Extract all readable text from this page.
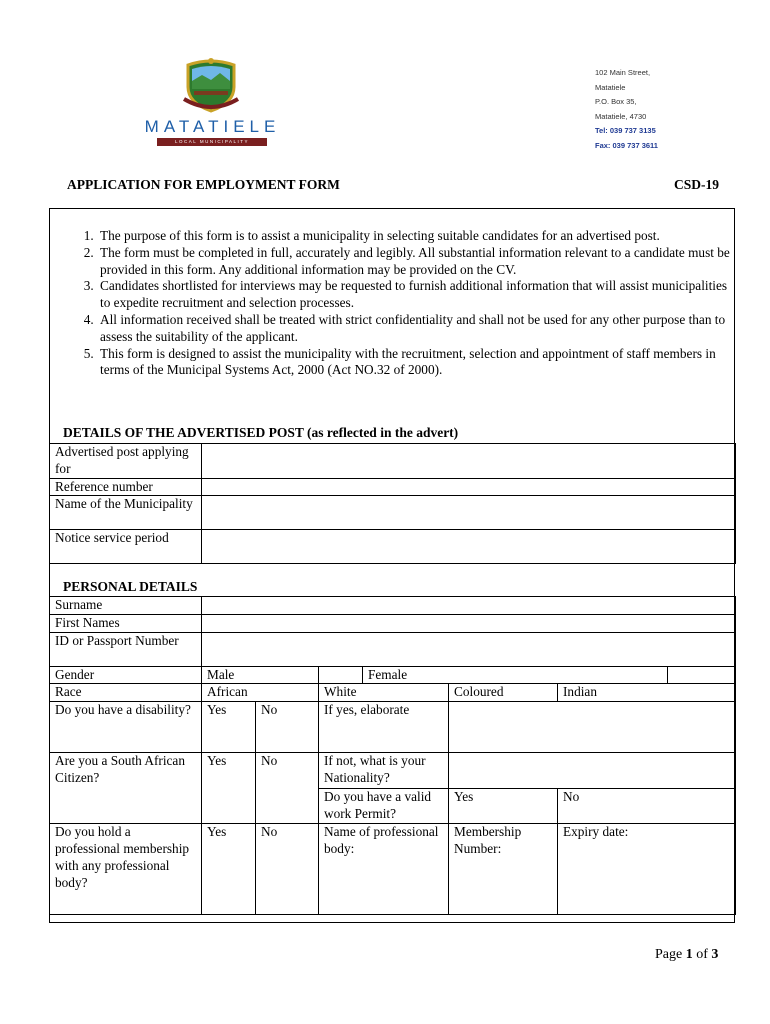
MATATIELE
LOCAL MUNICIPALITY
102 Main Street,
Matatiele
P.O. Box 35,
Matatiele, 4730
Tel: 039 737 3135
Fax: 039 737 3611
APPLICATION FOR EMPLOYMENT FORM	CSD-19
1. The purpose of this form is to assist a municipality in selecting suitable candidates for an advertised post.
2. The form must be completed in full, accurately and legibly. All substantial information relevant to a candidate must be provided in this form. Any additional information may be provided on the CV.
3. Candidates shortlisted for interviews may be requested to furnish additional information that will assist municipalities to expedite recruitment and selection processes.
4. All information received shall be treated with strict confidentiality and shall not be used for any other purpose than to assess the suitability of the applicant.
5. This form is designed to assist the municipality with the recruitment, selection and appointment of staff members in terms of the Municipal Systems Act, 2000 (Act NO.32 of 2000).
DETAILS OF THE ADVERTISED POST (as reflected in the advert)
Advertised post applying for	
Reference number	
Name of the Municipality	
Notice service period	
PERSONAL DETAILS
Surname							
First Names							
ID or Passport Number							
Gender	Male			Female			
Race	African		White		Coloured	Indian	
Do you have a disability?	Yes	No	If yes, elaborate				
Are you a South African Citizen?	Yes	No	If not, what is your Nationality?				
			Do you have a valid work Permit?		Yes	No	
Do you hold a professional membership with any professional body?	Yes	No	Name of professional body:		Membership Number:	Expiry date:	
Page 1 of 3
